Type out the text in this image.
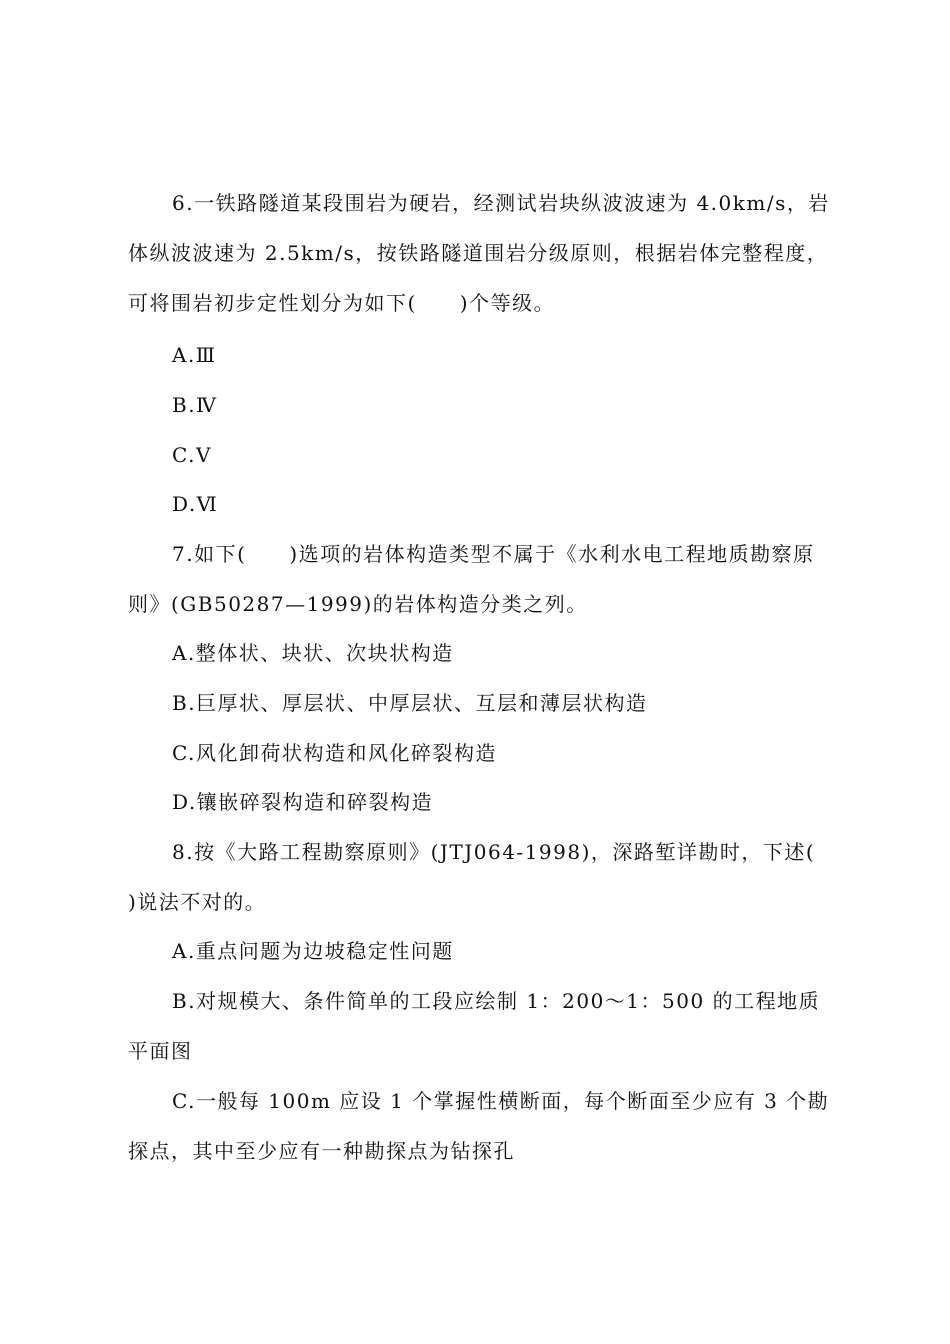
6.一铁路隧道某段围岩为硬岩，经测试岩块纵波波速为 4.0km/s，岩体纵波波速为 2.5km/s，按铁路隧道围岩分级原则，根据岩体完整程度，可将围岩初步定性划分为如下(　　)个等级。

A.Ⅲ

B.Ⅳ

C.Ⅴ

D.Ⅵ

7.如下(　　)选项的岩体构造类型不属于《水利水电工程地质勘察原则》(GB50287—1999)的岩体构造分类之列。

A.整体状、块状、次块状构造

B.巨厚状、厚层状、中厚层状、互层和薄层状构造

C.风化卸荷状构造和风化碎裂构造

D.镶嵌碎裂构造和碎裂构造

8.按《大路工程勘察原则》(JTJ064-1998)，深路堑详勘时，下述(　　)说法不对的。

A.重点问题为边坡稳定性问题

B.对规模大、条件简单的工段应绘制 1：200～1：500 的工程地质平面图

C.一般每 100m 应设 1 个掌握性横断面，每个断面至少应有 3 个勘探点，其中至少应有一种勘探点为钻探孔
